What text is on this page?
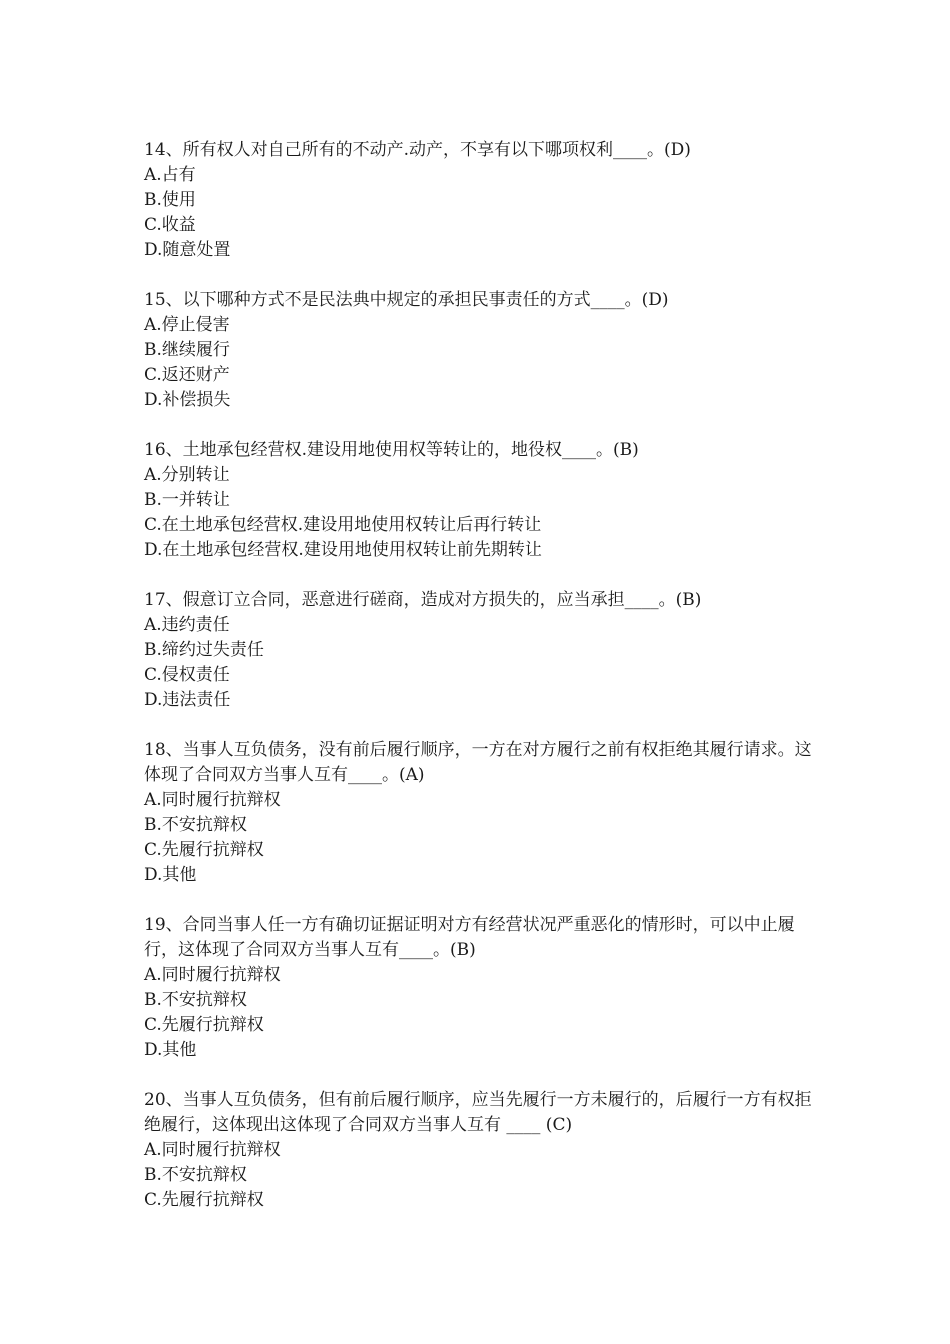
14、所有权人对自己所有的不动产.动产，不享有以下哪项权利____。(D)

A.占有

B.使用

C.收益

D.随意处置

15、以下哪种方式不是民法典中规定的承担民事责任的方式____。(D)

A.停止侵害

B.继续履行

C.返还财产

D.补偿损失

16、土地承包经营权.建设用地使用权等转让的，地役权____。(B)

A.分别转让

B.一并转让

C.在土地承包经营权.建设用地使用权转让后再行转让

D.在土地承包经营权.建设用地使用权转让前先期转让

17、假意订立合同，恶意进行磋商，造成对方损失的，应当承担____。(B)

A.违约责任

B.缔约过失责任

C.侵权责任

D.违法责任

18、当事人互负债务，没有前后履行顺序，一方在对方履行之前有权拒绝其履行请求。这体现了合同双方当事人互有____。(A)

A.同时履行抗辩权

B.不安抗辩权

C.先履行抗辩权

D.其他

19、合同当事人任一方有确切证据证明对方有经营状况严重恶化的情形时，可以中止履行，这体现了合同双方当事人互有____。(B)

A.同时履行抗辩权

B.不安抗辩权

C.先履行抗辩权

D.其他

20、当事人互负债务，但有前后履行顺序，应当先履行一方未履行的，后履行一方有权拒绝履行，这体现出这体现了合同双方当事人互有 ____ (C)

A.同时履行抗辩权

B.不安抗辩权

C.先履行抗辩权
